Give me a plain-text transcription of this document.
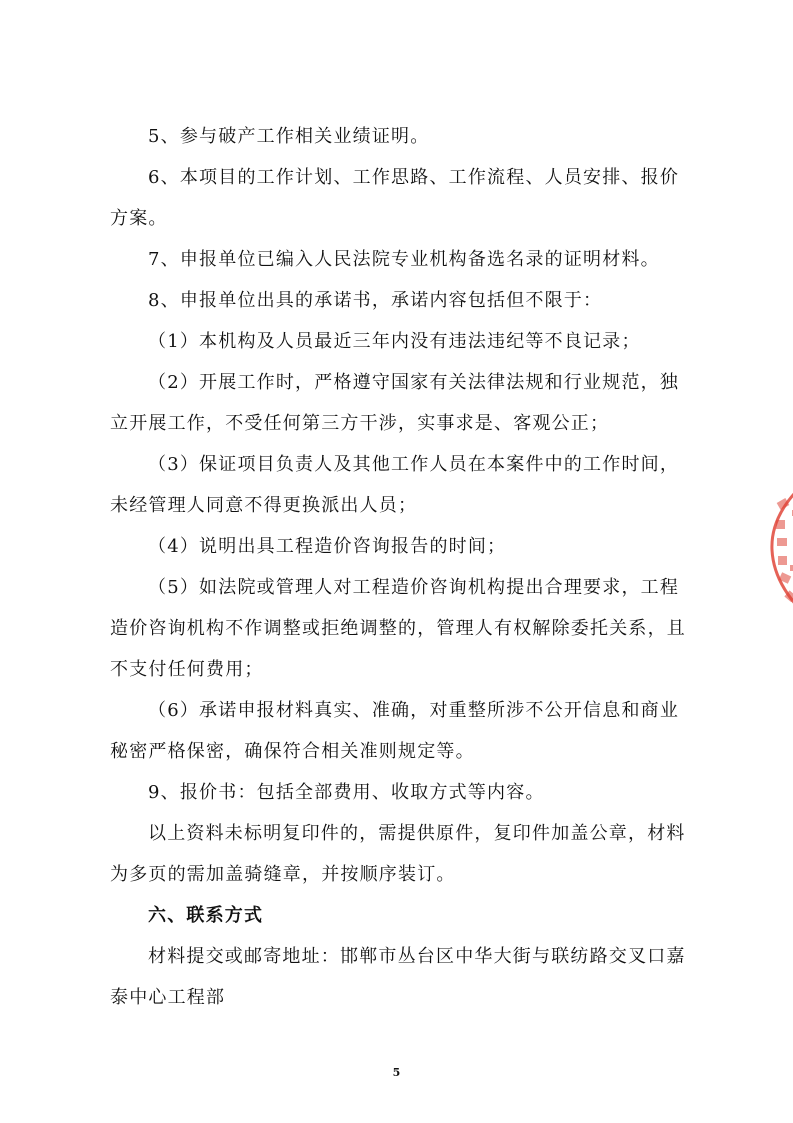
5、参与破产工作相关业绩证明。
6、本项目的工作计划、工作思路、工作流程、人员安排、报价
方案。
7、申报单位已编入人民法院专业机构备选名录的证明材料。
8、申报单位出具的承诺书，承诺内容包括但不限于：
（1）本机构及人员最近三年内没有违法违纪等不良记录；
（2）开展工作时，严格遵守国家有关法律法规和行业规范，独
立开展工作，不受任何第三方干涉，实事求是、客观公正；
（3）保证项目负责人及其他工作人员在本案件中的工作时间，
未经管理人同意不得更换派出人员；
（4）说明出具工程造价咨询报告的时间；
（5）如法院或管理人对工程造价咨询机构提出合理要求，工程
造价咨询机构不作调整或拒绝调整的，管理人有权解除委托关系，且
不支付任何费用；
（6）承诺申报材料真实、准确，对重整所涉不公开信息和商业
秘密严格保密，确保符合相关准则规定等。
9、报价书：包括全部费用、收取方式等内容。
以上资料未标明复印件的，需提供原件，复印件加盖公章，材料
为多页的需加盖骑缝章，并按顺序装订。
六、联系方式
材料提交或邮寄地址：邯郸市丛台区中华大街与联纺路交叉口嘉
泰中心工程部
5
